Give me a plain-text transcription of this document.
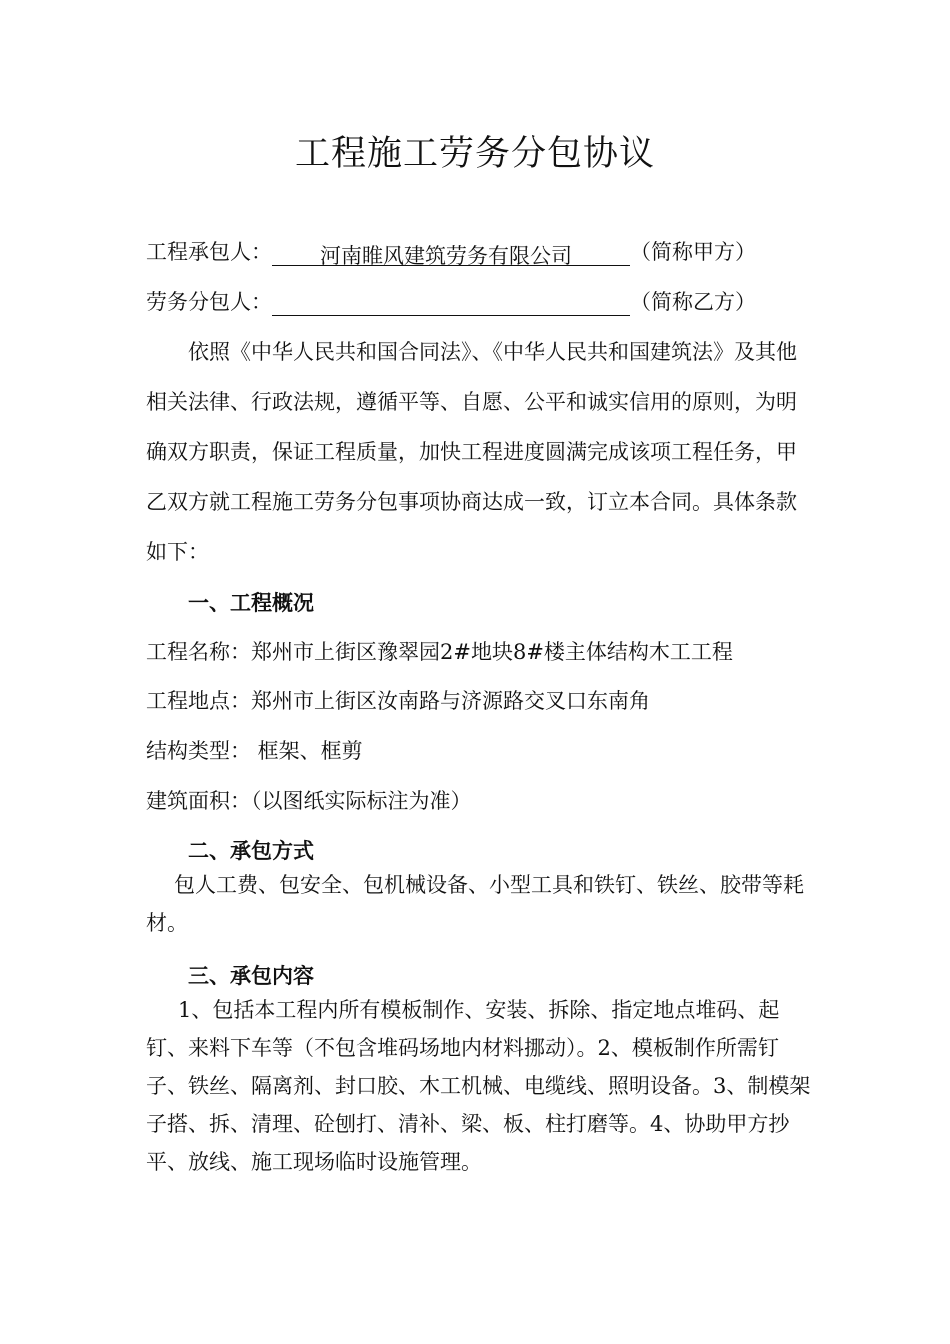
工程施工劳务分包协议
工程承包人： 河南睢风建筑劳务有限公司	（简称甲方）
劳务分包人：	（简称乙方）
依照《中华人民共和国合同法》、《中华人民共和国建筑法》及其他相关法律、行政法规，遵循平等、自愿、公平和诚实信用的原则，为明确双方职责，保证工程质量，加快工程进度圆满完成该项工程任务，甲乙双方就工程施工劳务分包事项协商达成一致，订立本合同。具体条款如下：
一、工程概况
工程名称：郑州市上街区豫翠园2#地块8#楼主体结构木工工程
工程地点：郑州市上街区汝南路与济源路交叉口东南角
结构类型： 框架、框剪
建筑面积：（以图纸实际标注为准）
二、承包方式
包人工费、包安全、包机械设备、小型工具和铁钉、铁丝、胶带等耗材。
三、承包内容
1、包括本工程内所有模板制作、安装、拆除、指定地点堆码、起钉、来料下车等（不包含堆码场地内材料挪动）。2、模板制作所需钉子、铁丝、隔离剂、封口胶、木工机械、电缆线、照明设备。3、制模架子搭、拆、清理、砼刨打、清补、梁、板、柱打磨等。4、协助甲方抄平、放线、施工现场临时设施管理。
